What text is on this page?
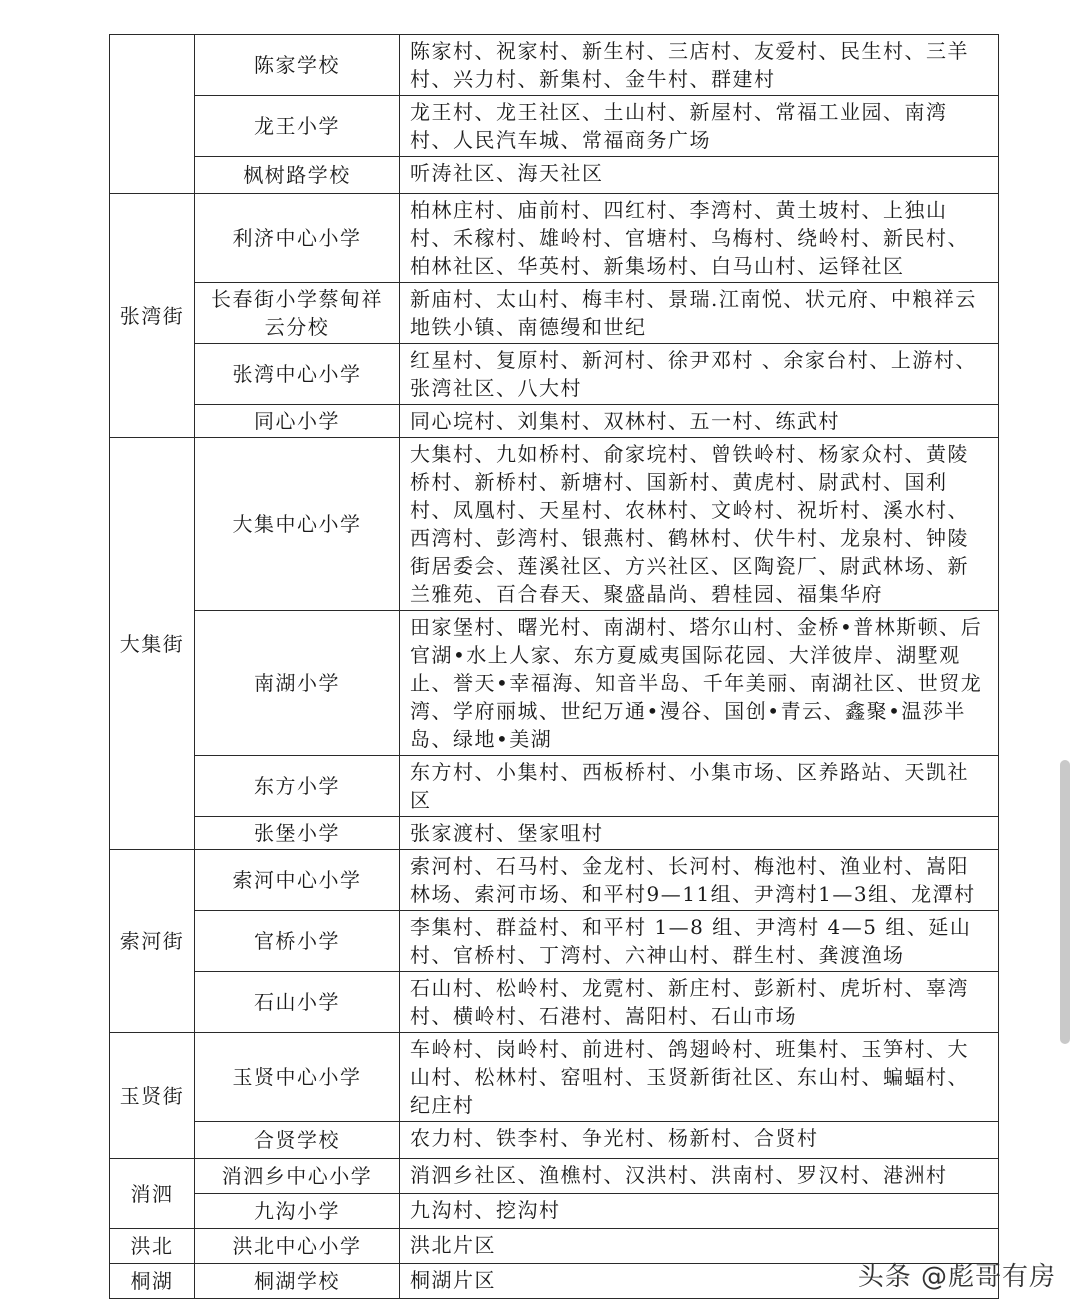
	陈家学校	陈家村、祝家村、新生村、三店村、友爱村、民生村、三羊村、兴力村、新集村、金牛村、群建村
	龙王小学	龙王村、龙王社区、土山村、新屋村、常福工业园、南湾村、人民汽车城、常福商务广场
	枫树路学校	听涛社区、海天社区
张湾街	利济中心小学	柏林庄村、庙前村、四红村、李湾村、黄土坡村、上独山村、禾稼村、雄岭村、官塘村、乌梅村、绕岭村、新民村、柏林社区、华英村、新集场村、白马山村、运铎社区
	长春街小学蔡甸祥云分校	新庙村、太山村、梅丰村、景瑞.江南悦、状元府、中粮祥云地铁小镇、南德缦和世纪
	张湾中心小学	红星村、复原村、新河村、徐尹邓村 、余家台村、上游村、张湾社区、八大村
	同心小学	同心垸村、刘集村、双林村、五一村、练武村
大集街	大集中心小学	大集村、九如桥村、俞家垸村、曾铁岭村、杨家众村、黄陵桥村、新桥村、新塘村、国新村、黄虎村、尉武村、国利村、凤凰村、天星村、农林村、文岭村、祝圻村、溪水村、西湾村、彭湾村、银燕村、鹤林村、伏牛村、龙泉村、钟陵街居委会、莲溪社区、方兴社区、区陶瓷厂、尉武林场、新兰雅苑、百合春天、聚盛晶尚、碧桂园、福集华府
	南湖小学	田家堡村、曙光村、南湖村、塔尔山村、金桥•普林斯顿、后官湖•水上人家、东方夏威夷国际花园、大洋彼岸、湖墅观止、誉天•幸福海、知音半岛、千年美丽、南湖社区、世贸龙湾、学府丽城、世纪万通•漫谷、国创•青云、鑫聚•温莎半岛、绿地•美湖
	东方小学	东方村、小集村、西板桥村、小集市场、区养路站、天凯社区
	张堡小学	张家渡村、堡家咀村
索河街	索河中心小学	索河村、石马村、金龙村、长河村、梅池村、渔业村、嵩阳林场、索河市场、和平村9—11组、尹湾村1—3组、龙潭村
	官桥小学	李集村、群益村、和平村 1—8 组、尹湾村 4—5 组、延山村、官桥村、丁湾村、六神山村、群生村、龚渡渔场
	石山小学	石山村、松岭村、龙霓村、新庄村、彭新村、虎圻村、辜湾村、横岭村、石港村、嵩阳村、石山市场
玉贤街	玉贤中心小学	车岭村、岗岭村、前进村、鸽翅岭村、班集村、玉笋村、大山村、松林村、窑咀村、玉贤新街社区、东山村、蝙蝠村、纪庄村
	合贤学校	农力村、铁李村、争光村、杨新村、合贤村
消泗	消泗乡中心小学	消泗乡社区、渔樵村、汉洪村、洪南村、罗汉村、港洲村
	九沟小学	九沟村、挖沟村
洪北	洪北中心小学	洪北片区
桐湖	桐湖学校	桐湖片区	头条 @彪哥有房
